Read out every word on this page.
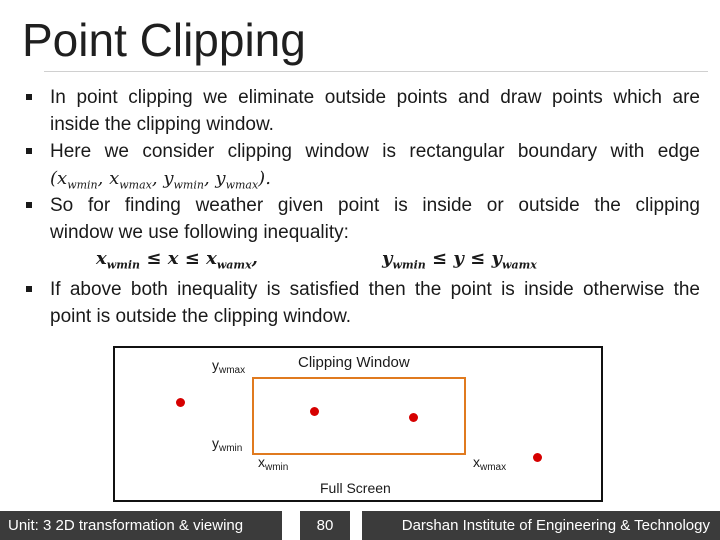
Point Clipping
In point clipping we eliminate outside points and draw points which are
inside the clipping window.
Here we consider clipping window is rectangular boundary with edge
($x_{wmin}$, $x_{wmax}$, $y_{wmin}$, $y_{wmax}$).
So for finding weather given point is inside or outside the clipping
window we use following inequality:
$x_{wmin} \le x \le x_{wamx}$,	$y_{wmin} \le y \le y_{wamx}$
If above both inequality is satisfied then the point is inside otherwise the
point is outside the clipping window.
$y_{wmax}$	Clipping Window
$y_{wmin}$
$x_{wmin}$	$x_{wmax}$
Full Screen
Unit: 3 2D transformation & viewing	80	Darshan Institute of Engineering & Technology
